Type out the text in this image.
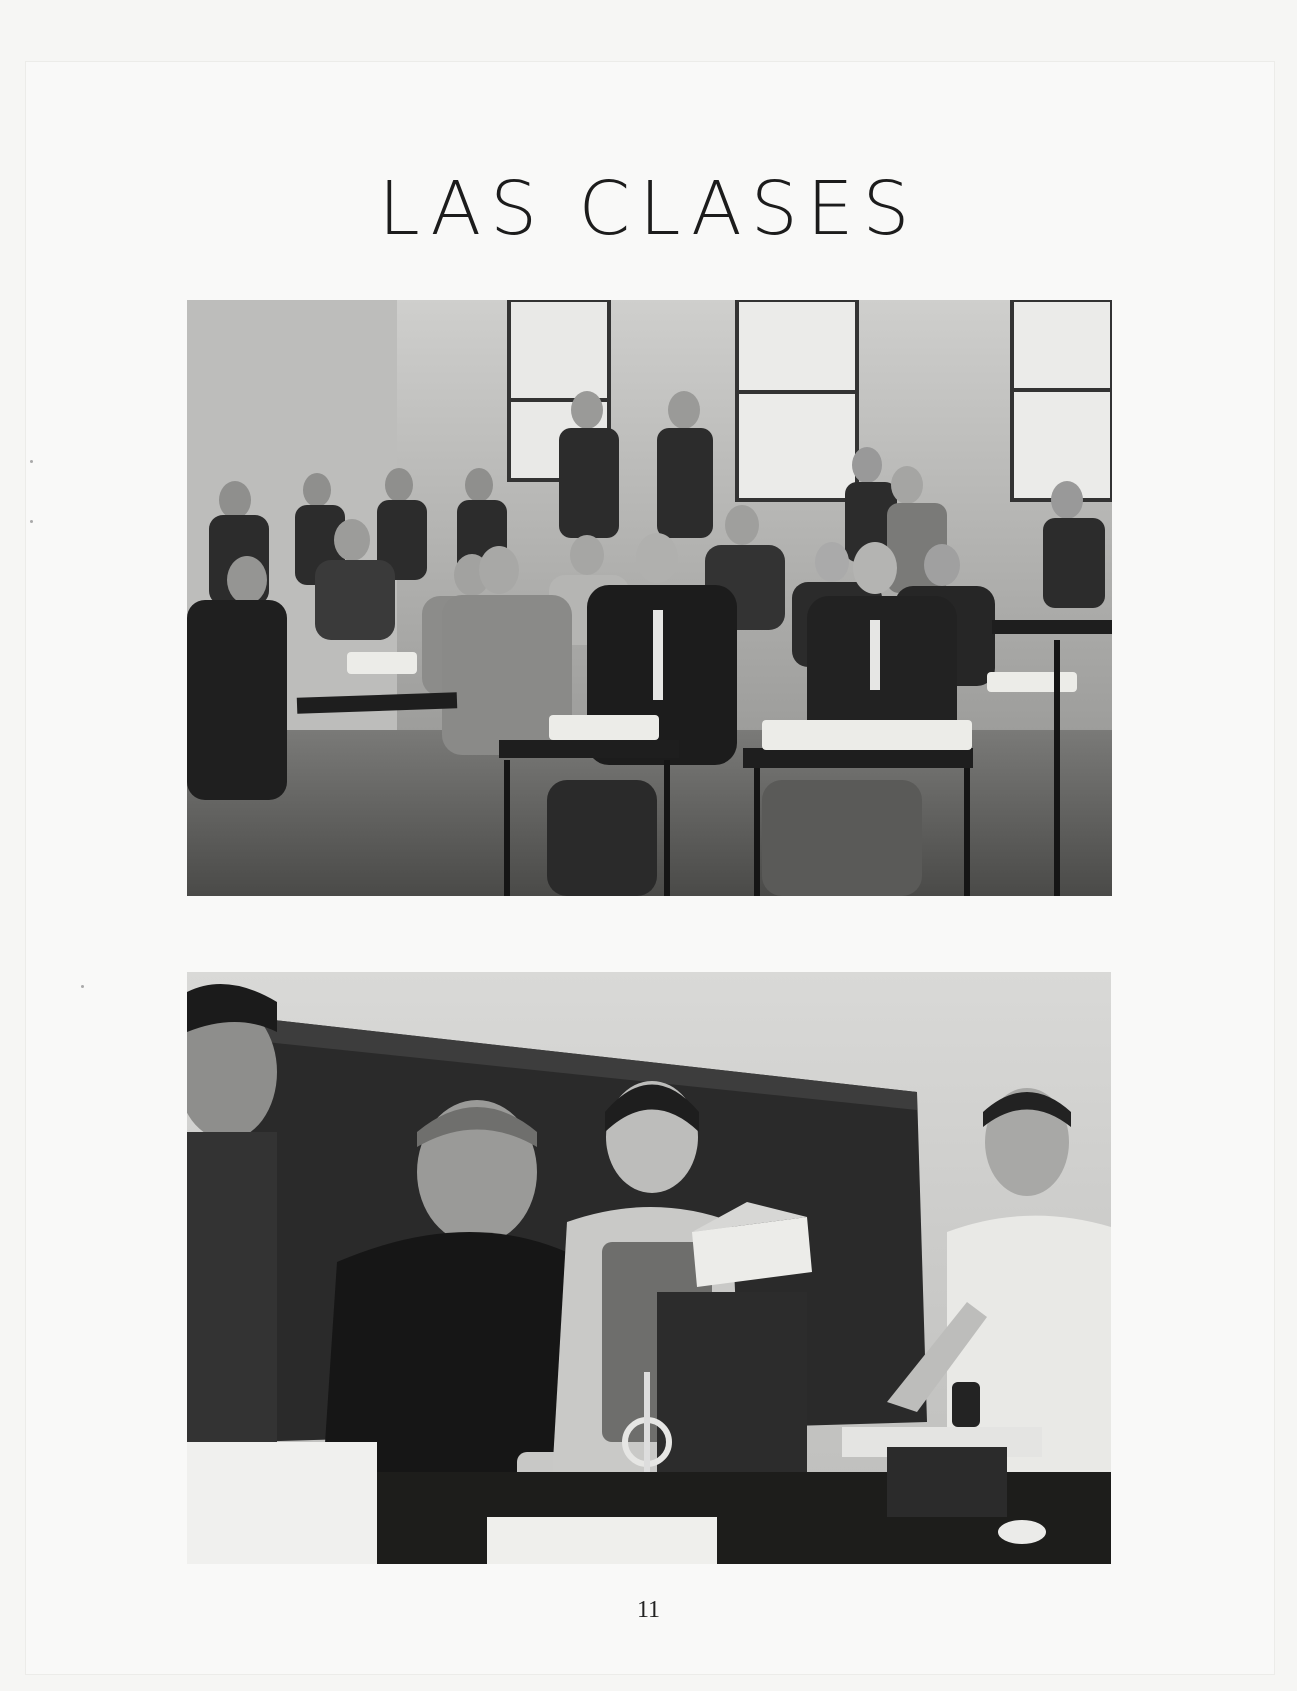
LAS CLASES
11
